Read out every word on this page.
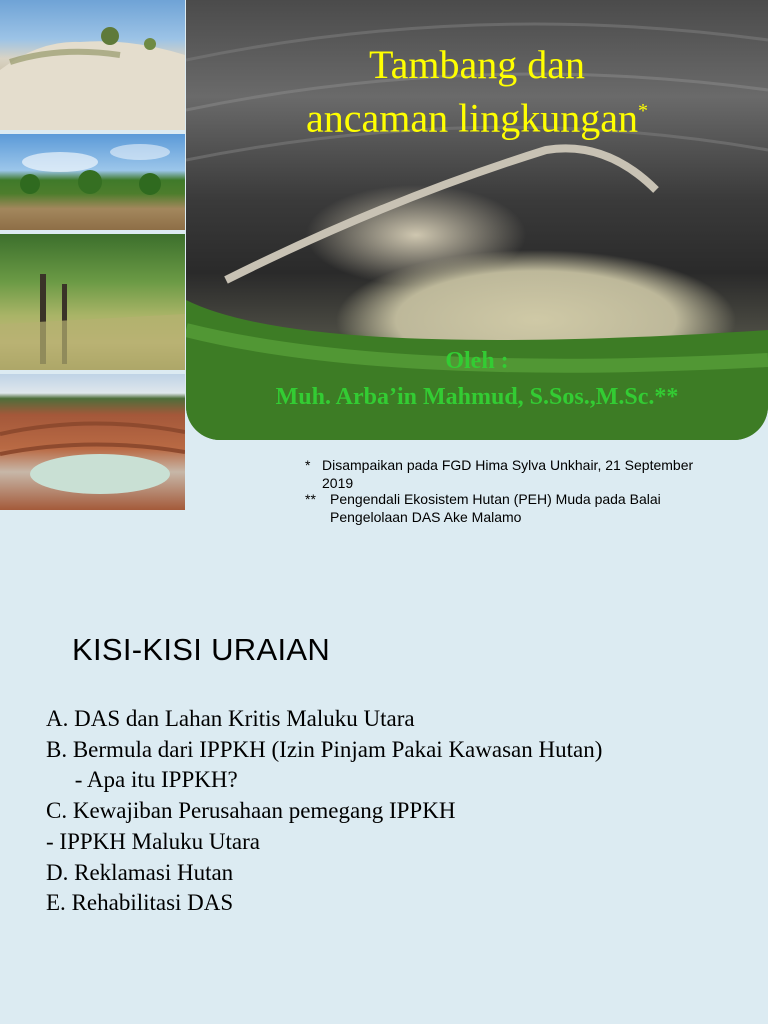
Tambang dan
ancaman lingkungan*
Oleh :
Muh. Arba’in Mahmud, S.Sos.,M.Sc.**
* Disampaikan pada FGD Hima Sylva Unkhair, 21 September 2019
** Pengendali Ekosistem Hutan (PEH) Muda pada Balai Pengelolaan DAS Ake Malamo
KISI-KISI URAIAN
A. DAS dan Lahan Kritis Maluku Utara
B. Bermula dari IPPKH (Izin Pinjam Pakai Kawasan Hutan)
- Apa itu IPPKH?
C. Kewajiban Perusahaan pemegang IPPKH
- IPPKH Maluku Utara
D. Reklamasi Hutan
E. Rehabilitasi DAS
